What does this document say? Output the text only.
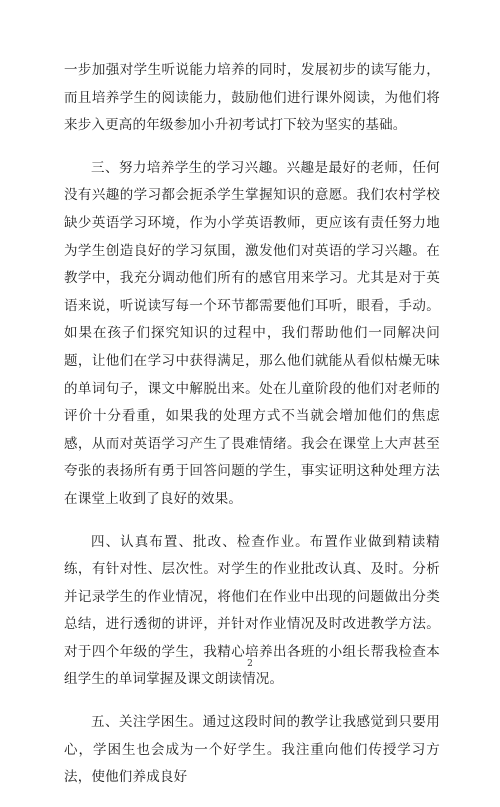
一步加强对学生听说能力培养的同时，发展初步的读写能力，而且培养学生的阅读能力，鼓励他们进行课外阅读，为他们将来步入更高的年级参加小升初考试打下较为坚实的基础。

三、努力培养学生的学习兴趣。兴趣是最好的老师，任何没有兴趣的学习都会扼杀学生掌握知识的意愿。我们农村学校缺少英语学习环境，作为小学英语教师，更应该有责任努力地为学生创造良好的学习氛围，激发他们对英语的学习兴趣。在教学中，我充分调动他们所有的感官用来学习。尤其是对于英语来说，听说读写每一个环节都需要他们耳听，眼看，手动。如果在孩子们探究知识的过程中，我们帮助他们一同解决问题，让他们在学习中获得满足，那么他们就能从看似枯燥无味的单词句子，课文中解脱出来。处在儿童阶段的他们对老师的评价十分看重，如果我的处理方式不当就会增加他们的焦虑感，从而对英语学习产生了畏难情绪。我会在课堂上大声甚至夸张的表扬所有勇于回答问题的学生，事实证明这种处理方法在课堂上收到了良好的效果。

四、认真布置、批改、检查作业。布置作业做到精读精练，有针对性、层次性。对学生的作业批改认真、及时。分析并记录学生的作业情况，将他们在作业中出现的问题做出分类总结，进行透彻的讲评，并针对作业情况及时改进教学方法。对于四个年级的学生，我精心培养出各班的小组长帮我检查本组学生的单词掌握及课文朗读情况。

五、关注学困生。通过这段时间的教学让我感觉到只要用心，学困生也会成为一个好学生。我注重向他们传授学习方法，使他们养成良好

2
